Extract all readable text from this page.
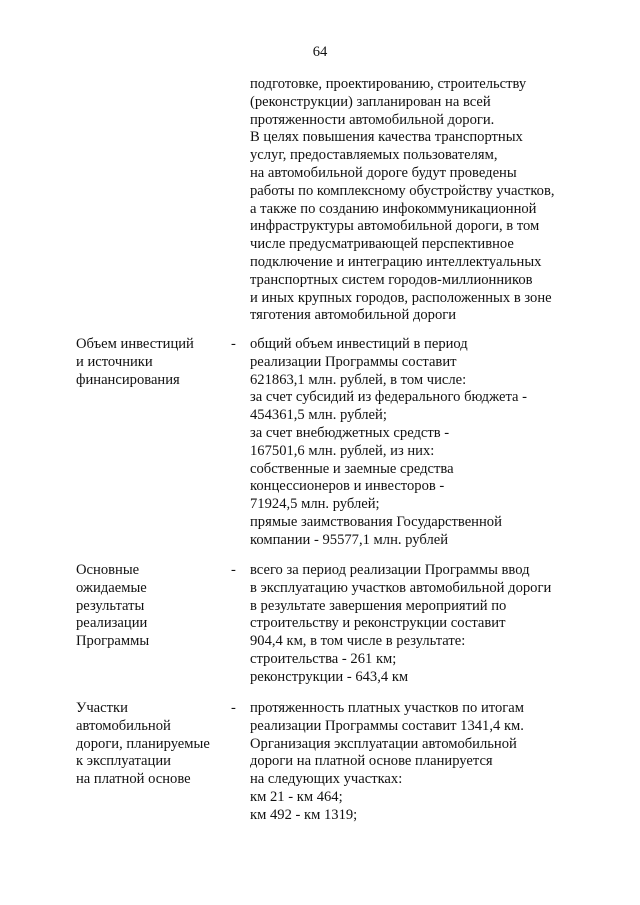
64
подготовке, проектированию, строительству
(реконструкции) запланирован на всей
протяженности автомобильной дороги.
В целях повышения качества транспортных
услуг, предоставляемых пользователям,
на автомобильной дороге будут проведены
работы по комплексному обустройству участков,
а также по созданию инфокоммуникационной
инфраструктуры автомобильной дороги, в том
числе предусматривающей перспективное
подключение и интеграцию интеллектуальных
транспортных систем городов-миллионников
и иных крупных городов, расположенных в зоне
тяготения автомобильной дороги
Объем инвестиций
и источники
финансирования
- общий объем инвестиций в период
реализации Программы составит
621863,1 млн. рублей, в том числе:
за счет субсидий из федерального бюджета -
454361,5 млн. рублей;
за счет внебюджетных средств -
167501,6 млн. рублей, из них:
собственные и заемные средства
концессионеров и инвесторов -
71924,5 млн. рублей;
прямые заимствования Государственной
компании - 95577,1 млн. рублей
Основные
ожидаемые
результаты
реализации
Программы
- всего за период реализации Программы ввод
в эксплуатацию участков автомобильной дороги
в результате завершения мероприятий по
строительству и реконструкции составит
904,4 км, в том числе в результате:
строительства - 261 км;
реконструкции - 643,4 км
Участки
автомобильной
дороги, планируемые
к эксплуатации
на платной основе
- протяженность платных участков по итогам
реализации Программы составит 1341,4 км.
Организация эксплуатации автомобильной
дороги на платной основе планируется
на следующих участках:
км 21 - км 464;
км 492 - км 1319;
